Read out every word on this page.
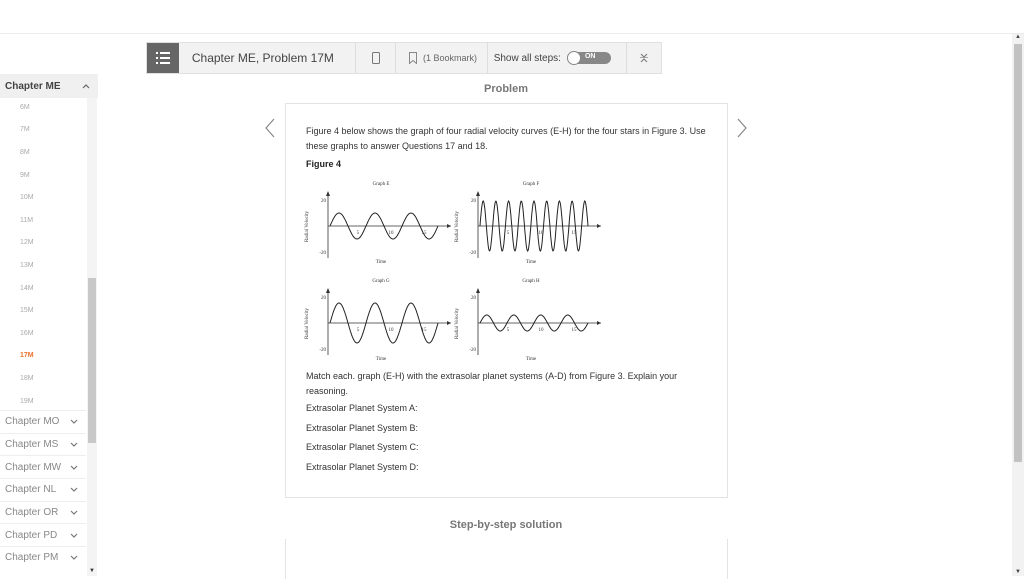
Chapter ME, Problem 17M	(1 Bookmark) Show all steps:	ON
Chapter ME
6M
7M
8M
9M
10M
11M
12M
13M
14M
15M
16M
17M
18M
19M
▼
Chapter MO
Chapter MS
Chapter MW
Chapter NL
Chapter OR
Chapter PD
Chapter PM
Problem
Figure 4 below shows the graph of four radial velocity curves (E-H) for the four stars in Figure 3. Use these graphs to answer Questions 17 and 18.
Figure 4
Graph E
Radial Velocity
Time
20
-20
5	10	15
Graph F
Radial Velocity
Time
20
-20
5	10	15
Graph G
Radial Velocity
Time
20
-20
5	10	15
Graph H
Radial Velocity
Time
20
-20
5	10	15
Match each. graph (E-H) with the extrasolar planet systems (A-D) from Figure 3. Explain your reasoning.
Extrasolar Planet System A:
Extrasolar Planet System B:
Extrasolar Planet System C:
Extrasolar Planet System D:
Step-by-step solution
▲
▼
